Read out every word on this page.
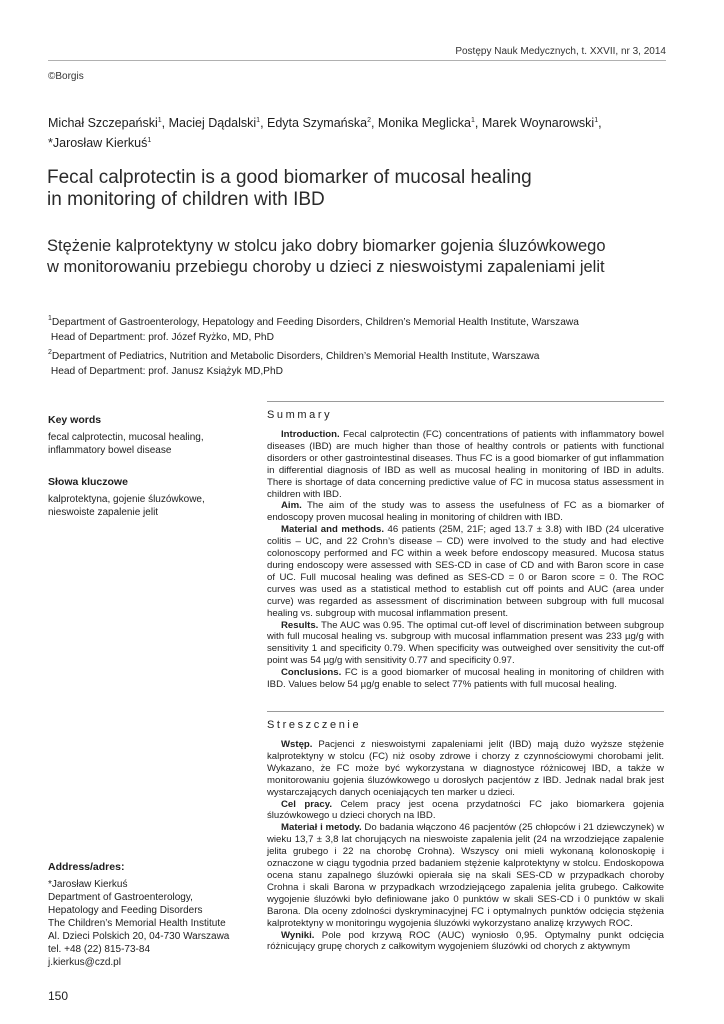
Postępy Nauk Medycznych, t. XXVII, nr 3, 2014
©Borgis
Michał Szczepański$^1$, Maciej Dądalski$^1$, Edyta Szymańska$^2$, Monika Meglicka$^1$, Marek Woynarowski$^1$,
*Jarosław Kierkuś$^1$
Fecal calprotectin is a good biomarker of mucosal healing
in monitoring of children with IBD
Stężenie kalprotektyny w stolcu jako dobry biomarker gojenia śluzówkowego
w monitorowaniu przebiegu choroby u dzieci z nieswoistymi zapaleniami jelit
$^1$Department of Gastroenterology, Hepatology and Feeding Disorders, Children’s Memorial Health Institute, Warszawa
Head of Department: prof. Józef Ryżko, MD, PhD
$^2$Department of Pediatrics, Nutrition and Metabolic Disorders, Children’s Memorial Health Institute, Warszawa
Head of Department: prof. Janusz Książyk MD,PhD
Key words
fecal calprotectin, mucosal healing, inflammatory bowel disease
Słowa kluczowe
kalprotektyna, gojenie śluzówkowe, nieswoiste zapalenie jelit
Address/adres:

*Jarosław Kierkuś

Department of Gastroenterology,

Hepatology and Feeding Disorders

The Children’s Memorial Health Institute

Al. Dzieci Polskich 20, 04-730 Warszawa

tel. +48 (22) 815-73-84

j.kierkus@czd.pl

Summary

Introduction. Fecal calprotectin (FC) concentrations of patients with inflammatory bowel diseases (IBD) are much higher than those of healthy controls or patients with functional disorders or other gastrointestinal diseases. Thus FC is a good biomarker of gut inflammation in differential diagnosis of IBD as well as mucosal healing in monitoring of IBD in adults. There is shortage of data concerning predictive value of FC in mucosa status assessment in children with IBD.

Aim. The aim of the study was to assess the usefulness of FC as a biomarker of endoscopy proven mucosal healing in monitoring of children with IBD.

Material and methods. 46 patients (25M, 21F; aged 13.7 ± 3.8) with IBD (24 ulcerative colitis – UC, and 22 Crohn’s disease – CD) were involved to the study and had elective colonoscopy performed and FC within a week before endoscopy measured. Mucosa status during endoscopy were assessed with SES-CD in case of CD and with Baron score in case of UC. Full mucosal healing was defined as SES-CD = 0 or Baron score = 0. The ROC curves was used as a statistical method to establish cut off points and AUC (area under curve) was regarded as assessment of discrimination between subgroup with full mucosal healing vs. subgroup with mucosal inflammation present.

Results. The AUC was 0.95. The optimal cut-off level of discrimination between subgroup with full mucosal healing vs. subgroup with mucosal inflammation present was 233 µg/g with sensitivity 1 and specificity 0.79. When specificity was outweighed over sensitivity the cut-off point was 54 µg/g with sensitivity 0.77 and specificity 0.97.

Conclusions. FC is a good biomarker of mucosal healing in monitoring of children with IBD. Values below 54 µg/g enable to select 77% patients with full mucosal healing.

Streszczenie

Wstęp. Pacjenci z nieswoistymi zapaleniami jelit (IBD) mają dużo wyższe stężenie kalprotektyny w stolcu (FC) niż osoby zdrowe i chorzy z czynnościowymi chorobami jelit. Wykazano, że FC może być wykorzystana w diagnostyce różnicowej IBD, a także w monitorowaniu gojenia śluzówkowego u dorosłych pacjentów z IBD. Jednak nadal brak jest wystarczających danych oceniających ten marker u dzieci.

Cel pracy. Celem pracy jest ocena przydatności FC jako biomarkera gojenia śluzówkowego u dzieci chorych na IBD.

Materiał i metody. Do badania włączono 46 pacjentów (25 chłopców i 21 dziewczynek) w wieku 13,7 ± 3,8 lat chorujących na nieswoiste zapalenia jelit (24 na wrzodziejące zapalenie jelita grubego i 22 na chorobę Crohna). Wszyscy oni mieli wykonaną kolonoskopię i oznaczone w ciągu tygodnia przed badaniem stężenie kalprotektyny w stolcu. Endoskopowa ocena stanu zapalnego śluzówki opierała się na skali SES-CD w przypadkach choroby Crohna i skali Barona w przypadkach wrzodziejącego zapalenia jelita grubego. Całkowite wygojenie śluzówki było definiowane jako 0 punktów w skali SES-CD i 0 punktów w skali Barona. Dla oceny zdolności dyskryminacyjnej FC i optymalnych punktów odcięcia stężenia kalprotektyny w monitoringu wygojenia śluzówki wykorzystano analizę krzywych ROC.

Wyniki. Pole pod krzywą ROC (AUC) wyniosło 0,95. Optymalny punkt odcięcia różnicujący grupę chorych z całkowitym wygojeniem śluzówki od chorych z aktywnym

150
